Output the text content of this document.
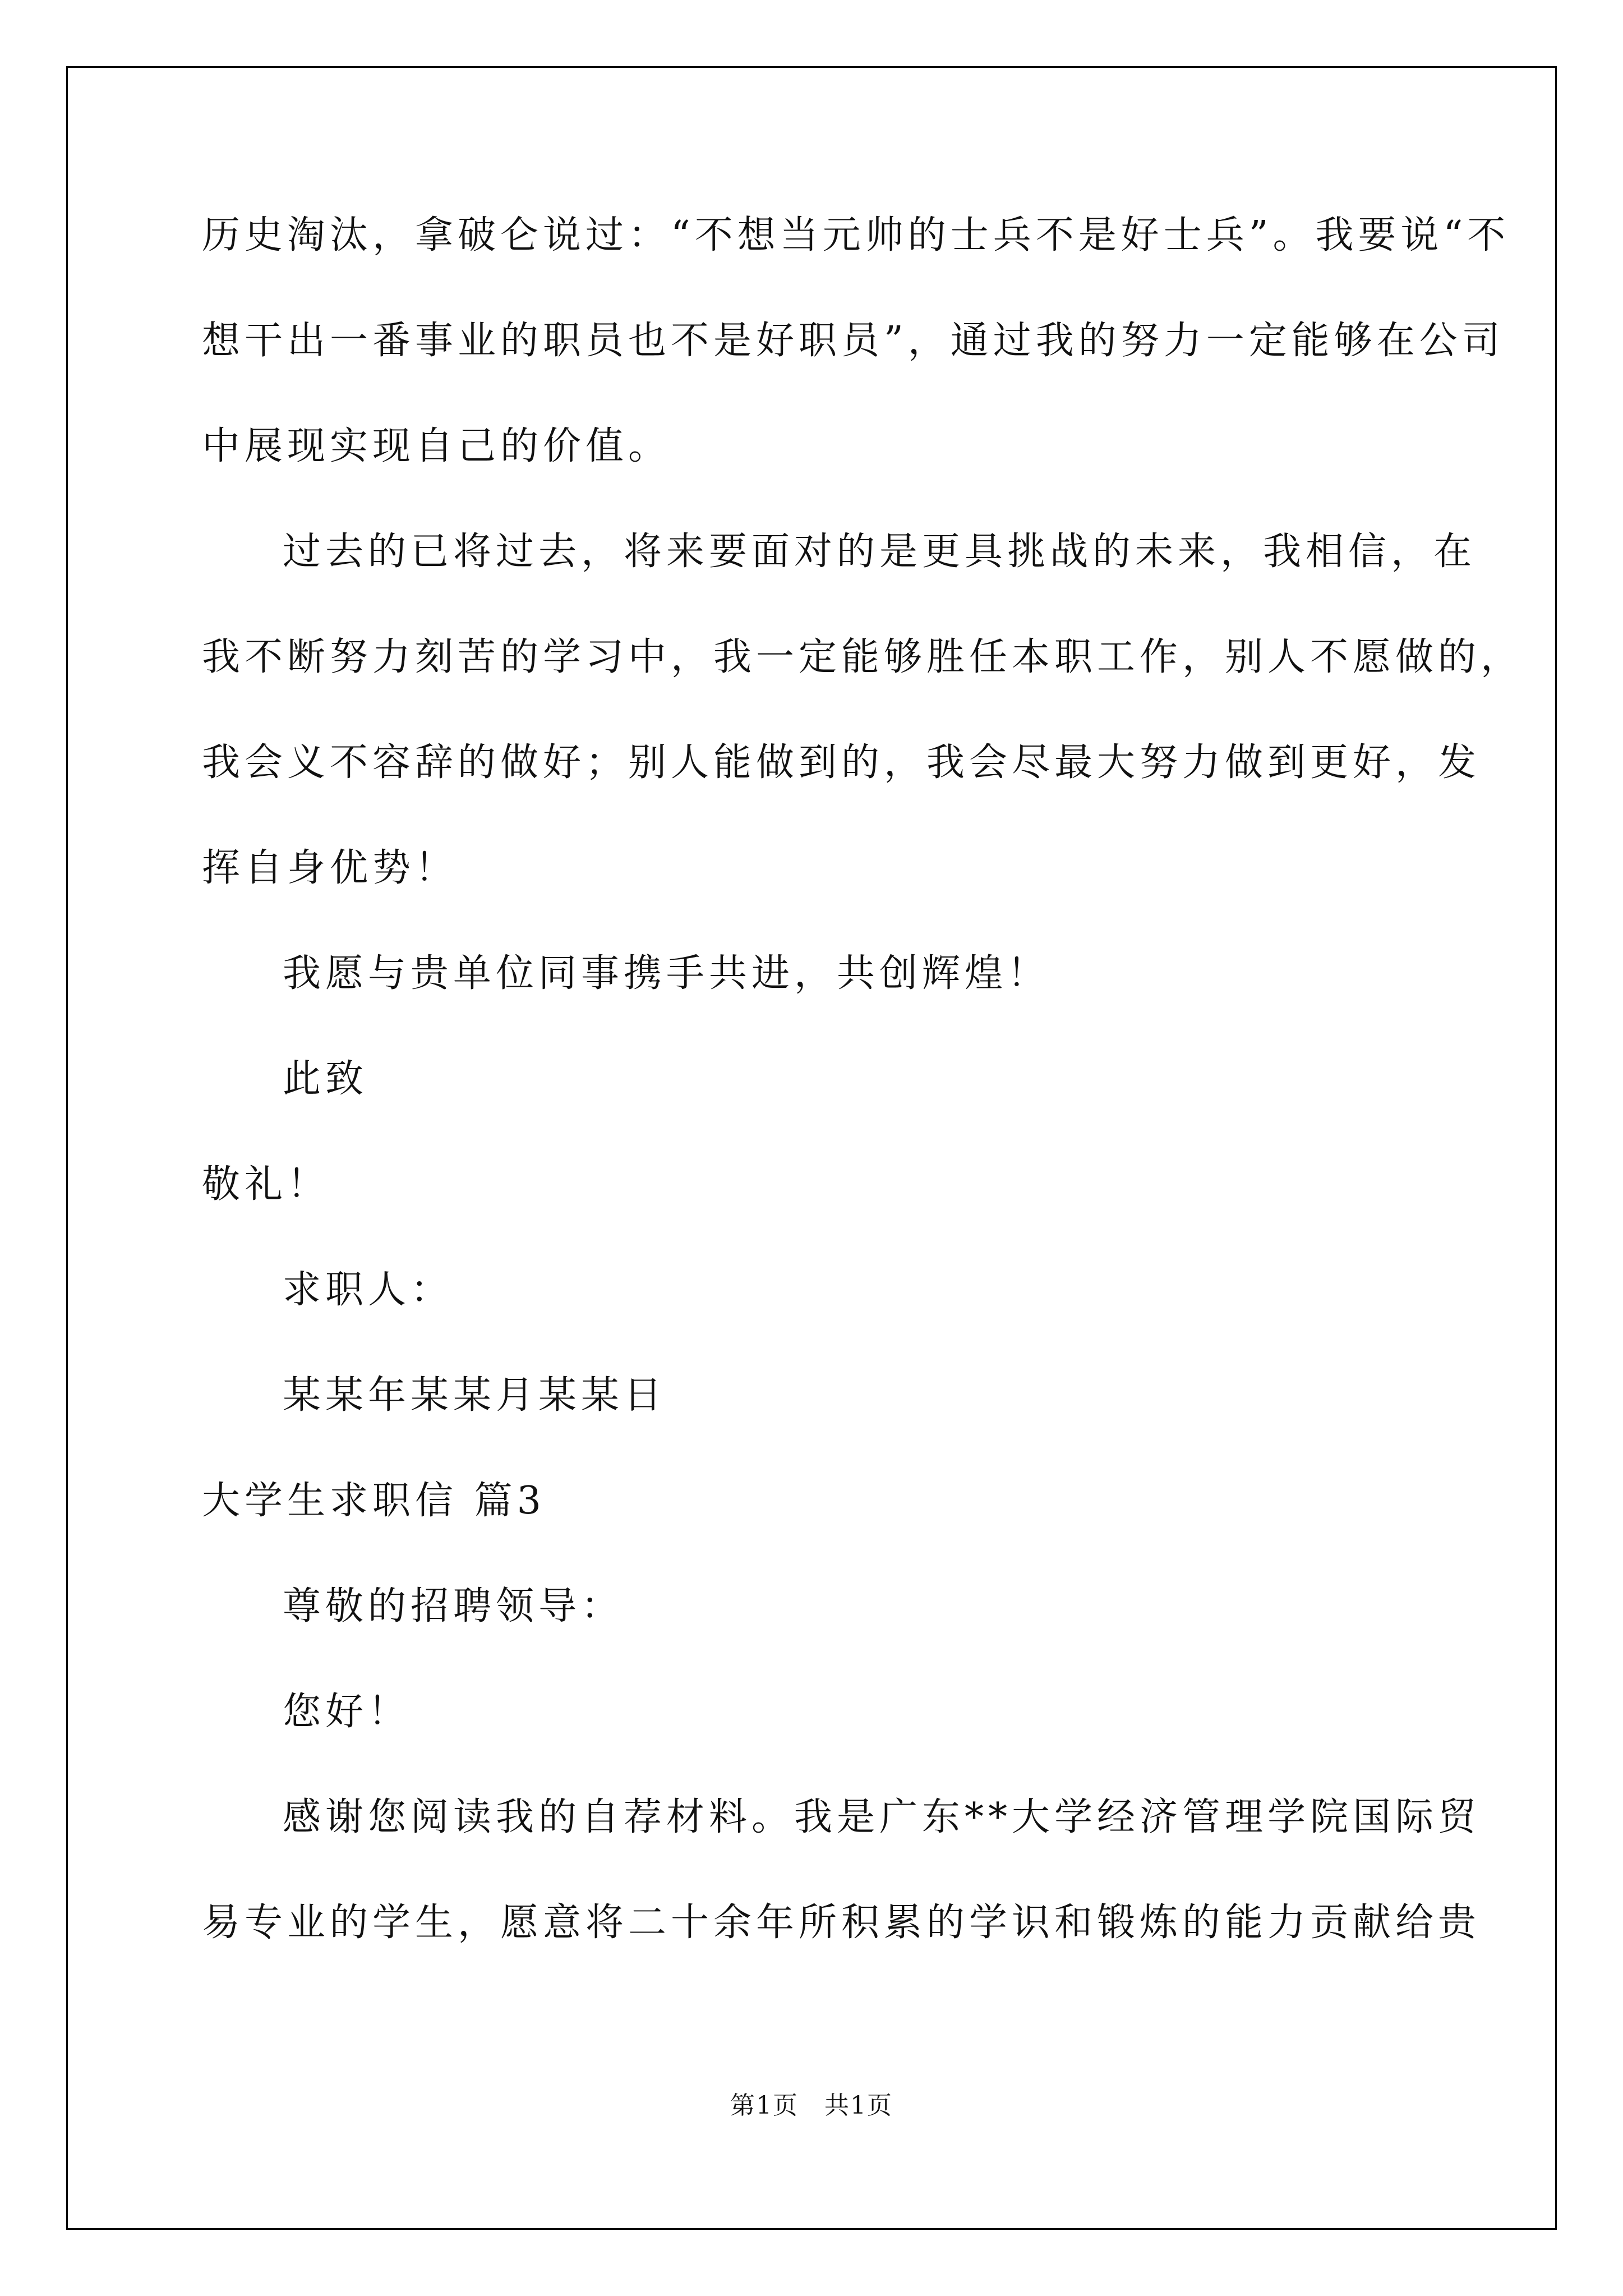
历史淘汰，拿破仑说过：“不想当元帅的士兵不是好士兵”。我要说“不
想干出一番事业的职员也不是好职员”，通过我的努力一定能够在公司
中展现实现自己的价值。
过去的已将过去，将来要面对的是更具挑战的未来，我相信，在
我不断努力刻苦的学习中，我一定能够胜任本职工作，别人不愿做的，
我会义不容辞的做好；别人能做到的，我会尽最大努力做到更好，发
挥自身优势！
我愿与贵单位同事携手共进，共创辉煌！
此致
敬礼！
求职人：
某某年某某月某某日
大学生求职信 篇3
尊敬的招聘领导：
您好！
感谢您阅读我的自荐材料。我是广东**大学经济管理学院国际贸
易专业的学生，愿意将二十余年所积累的学识和锻炼的能力贡献给贵
第1页　共1页
